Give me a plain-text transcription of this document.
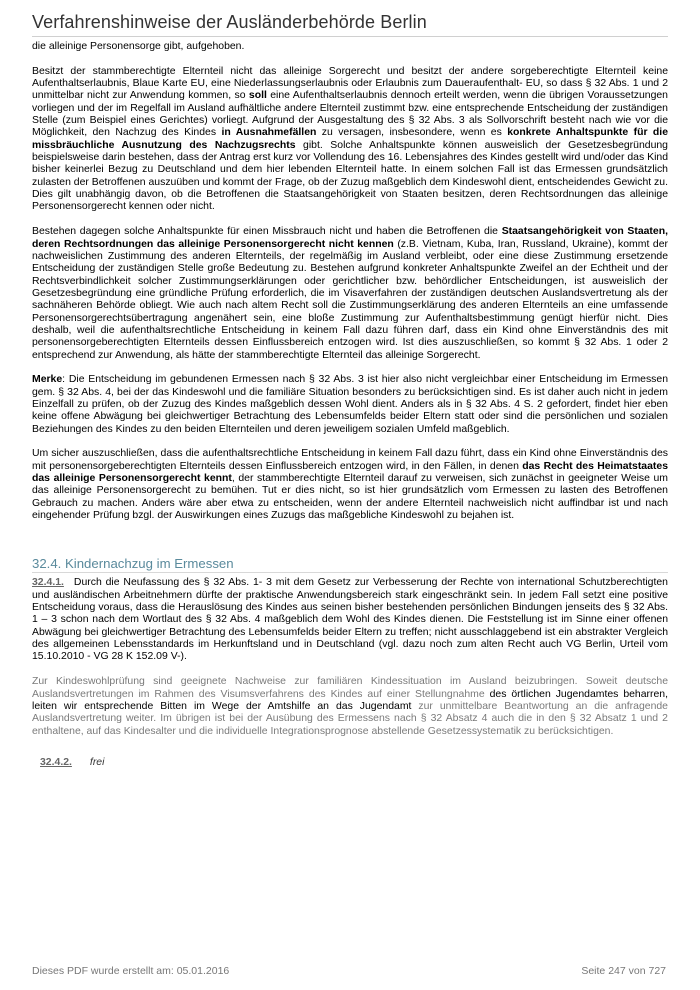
Verfahrenshinweise der Ausländerbehörde Berlin

die alleinige Personensorge gibt, aufgehoben.

Besitzt der stammberechtigte Elternteil nicht das alleinige Sorgerecht und besitzt der andere sorgeberechtigte Elternteil keine Aufenthaltserlaubnis, Blaue Karte EU, eine Niederlassungserlaubnis oder Erlaubnis zum Daueraufenthalt- EU, so dass § 32 Abs. 1 und 2 unmittelbar nicht zur Anwendung kommen, so soll eine Aufenthaltserlaubnis dennoch erteilt werden, wenn die übrigen Voraussetzungen vorliegen und der im Regelfall im Ausland aufhältliche andere Elternteil zustimmt bzw. eine entsprechende Entscheidung der zuständigen Stelle (zum Beispiel eines Gerichtes) vorliegt. Aufgrund der Ausgestaltung des § 32 Abs. 3 als Sollvorschrift besteht nach wie vor die Möglichkeit, den Nachzug des Kindes in Ausnahmefällen zu versagen, insbesondere, wenn es konkrete Anhaltspunkte für die missbräuchliche Ausnutzung des Nachzugsrechts gibt. Solche Anhaltspunkte können ausweislich der Gesetzesbegründung beispielsweise darin bestehen, dass der Antrag erst kurz vor Vollendung des 16. Lebensjahres des Kindes gestellt wird und/oder das Kind bisher keinerlei Bezug zu Deutschland und dem hier lebenden Elternteil hatte. In einem solchen Fall ist das Ermessen grundsätzlich zulasten der Betroffenen auszuüben und kommt der Frage, ob der Zuzug maßgeblich dem Kindeswohl dient, entscheidendes Gewicht zu. Dies gilt unabhängig davon, ob die Betroffenen die Staatsangehörigkeit von Staaten besitzen, deren Rechtsordnungen das alleinige Personensorgerecht kennen oder nicht.

Bestehen dagegen solche Anhaltspunkte für einen Missbrauch nicht und haben die Betroffenen die Staatsangehörigkeit von Staaten, deren Rechtsordnungen das alleinige Personensorgerecht nicht kennen (z.B. Vietnam, Kuba, Iran, Russland, Ukraine), kommt der nachweislichen Zustimmung des anderen Elternteils, der regelmäßig im Ausland verbleibt, oder eine diese Zustimmung ersetzende Entscheidung der zuständigen Stelle große Bedeutung zu. Bestehen aufgrund konkreter Anhaltspunkte Zweifel an der Echtheit und der Rechtsverbindlichkeit solcher Zustimmungserklärungen oder gerichtlicher bzw. behördlicher Entscheidungen, ist ausweislich der Gesetzesbegründung eine gründliche Prüfung erforderlich, die im Visaverfahren der zuständigen deutschen Auslandsvertretung als der sachnäheren Behörde obliegt. Wie auch nach altem Recht soll die Zustimmungserklärung des anderen Elternteils an eine umfassende Personensorgerechtsübertragung angenähert sein, eine bloße Zustimmung zur Aufenthaltsbestimmung genügt hierfür nicht. Dies deshalb, weil die aufenthaltsrechtliche Entscheidung in keinem Fall dazu führen darf, dass ein Kind ohne Einverständnis des mit personensorgeberechtigten Elternteils dessen Einflussbereich entzogen wird. Ist dies auszuschließen, so kommt § 32 Abs. 1 oder 2 entsprechend zur Anwendung, als hätte der stammberechtigte Elternteil das alleinige Sorgerecht.

Merke: Die Entscheidung im gebundenen Ermessen nach § 32 Abs. 3 ist hier also nicht vergleichbar einer Entscheidung im Ermessen gem. § 32 Abs. 4, bei der das Kindeswohl und die familiäre Situation besonders zu berücksichtigen sind. Es ist daher auch nicht in jedem Einzelfall zu prüfen, ob der Zuzug des Kindes maßgeblich dessen Wohl dient. Anders als in § 32 Abs. 4 S. 2 gefordert, findet hier eben keine offene Abwägung bei gleichwertiger Betrachtung des Lebensumfelds beider Eltern statt oder sind die persönlichen und sozialen Beziehungen des Kindes zu den beiden Elternteilen und deren jeweiligem sozialen Umfeld maßgeblich.

Um sicher auszuschließen, dass die aufenthaltsrechtliche Entscheidung in keinem Fall dazu führt, dass ein Kind ohne Einverständnis des mit personensorgeberechtigten Elternteils dessen Einflussbereich entzogen wird, in den Fällen, in denen das Recht des Heimatstaates das alleinige Personensorgerecht kennt, der stammberechtigte Elternteil darauf zu verweisen, sich zunächst in geeigneter Weise um das alleinige Personensorgerecht zu bemühen. Tut er dies nicht, so ist hier grundsätzlich vom Ermessen zu lasten des Betroffenen Gebrauch zu machen. Anders wäre aber etwa zu entscheiden, wenn der andere Elternteil nachweislich nicht auffindbar ist und nach eingehender Prüfung bzgl. der Auswirkungen eines Zuzugs das maßgebliche Kindeswohl zu bejahen ist.

32.4. Kindernachzug im Ermessen

32.4.1. Durch die Neufassung des § 32 Abs. 1- 3 mit dem Gesetz zur Verbesserung der Rechte von international Schutzberechtigten und ausländischen Arbeitnehmern dürfte der praktische Anwendungsbereich stark eingeschränkt sein. In jedem Fall setzt eine positive Entscheidung voraus, dass die Herauslösung des Kindes aus seinen bisher bestehenden persönlichen Bindungen jenseits des § 32 Abs. 1 – 3 schon nach dem Wortlaut des § 32 Abs. 4 maßgeblich dem Wohl des Kindes dienen. Die Feststellung ist im Sinne einer offenen Abwägung bei gleichwertiger Betrachtung des Lebensumfelds beider Eltern zu treffen; nicht ausschlaggebend ist ein abstrakter Vergleich des allgemeinen Lebensstandards im Herkunftsland und in Deutschland (vgl. dazu noch zum alten Recht auch VG Berlin, Urteil vom 15.10.2010 - VG 28 K 152.09 V-).

Zur Kindeswohlprüfung sind geeignete Nachweise zur familiären Kindessituation im Ausland beizubringen. Soweit deutsche Auslandsvertretungen im Rahmen des Visumsverfahrens des Kindes auf einer Stellungnahme des örtlichen Jugendamtes beharren, leiten wir entsprechende Bitten im Wege der Amtshilfe an das Jugendamt zur unmittelbare Beantwortung an die anfragende Auslandsvertretung weiter. Im übrigen ist bei der Ausübung des Ermessens nach § 32 Absatz 4 auch die in den § 32 Absatz 1 und 2 enthaltene, auf das Kindesalter und die individuelle Integrationsprognose abstellende Gesetzessystematik zu berücksichtigen.

32.4.2. frei

Dieses PDF wurde erstellt am: 05.01.2016	Seite 247 von 727
